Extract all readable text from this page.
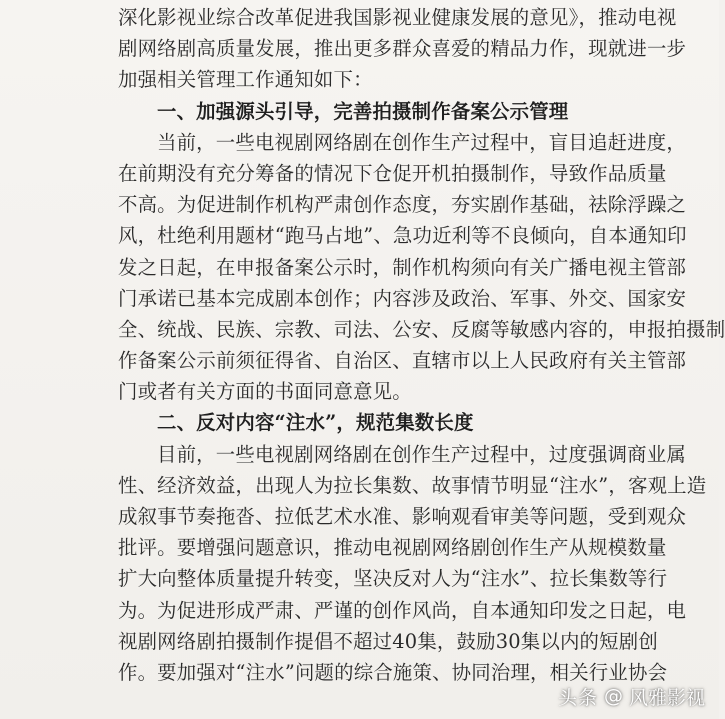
深化影视业综合改革促进我国影视业健康发展的意见》，推动电视
剧网络剧高质量发展，推出更多群众喜爱的精品力作，现就进一步
加强相关管理工作通知如下：
一、加强源头引导，完善拍摄制作备案公示管理
当前，一些电视剧网络剧在创作生产过程中，盲目追赶进度，
在前期没有充分筹备的情况下仓促开机拍摄制作，导致作品质量
不高。为促进制作机构严肃创作态度，夯实剧作基础，祛除浮躁之
风，杜绝利用题材“跑马占地”、急功近利等不良倾向，自本通知印
发之日起，在申报备案公示时，制作机构须向有关广播电视主管部
门承诺已基本完成剧本创作；内容涉及政治、军事、外交、国家安
全、统战、民族、宗教、司法、公安、反腐等敏感内容的，申报拍摄制
作备案公示前须征得省、自治区、直辖市以上人民政府有关主管部
门或者有关方面的书面同意意见。
二、反对内容“注水”，规范集数长度
目前，一些电视剧网络剧在创作生产过程中，过度强调商业属
性、经济效益，出现人为拉长集数、故事情节明显“注水”，客观上造
成叙事节奏拖沓、拉低艺术水准、影响观看审美等问题，受到观众
批评。要增强问题意识，推动电视剧网络剧创作生产从规模数量
扩大向整体质量提升转变，坚决反对人为“注水”、拉长集数等行
为。为促进形成严肃、严谨的创作风尚，自本通知印发之日起，电
视剧网络剧拍摄制作提倡不超过40集，鼓励30集以内的短剧创
作。要加强对“注水”问题的综合施策、协同治理，相关行业协会
头条 @ 风雅影视
